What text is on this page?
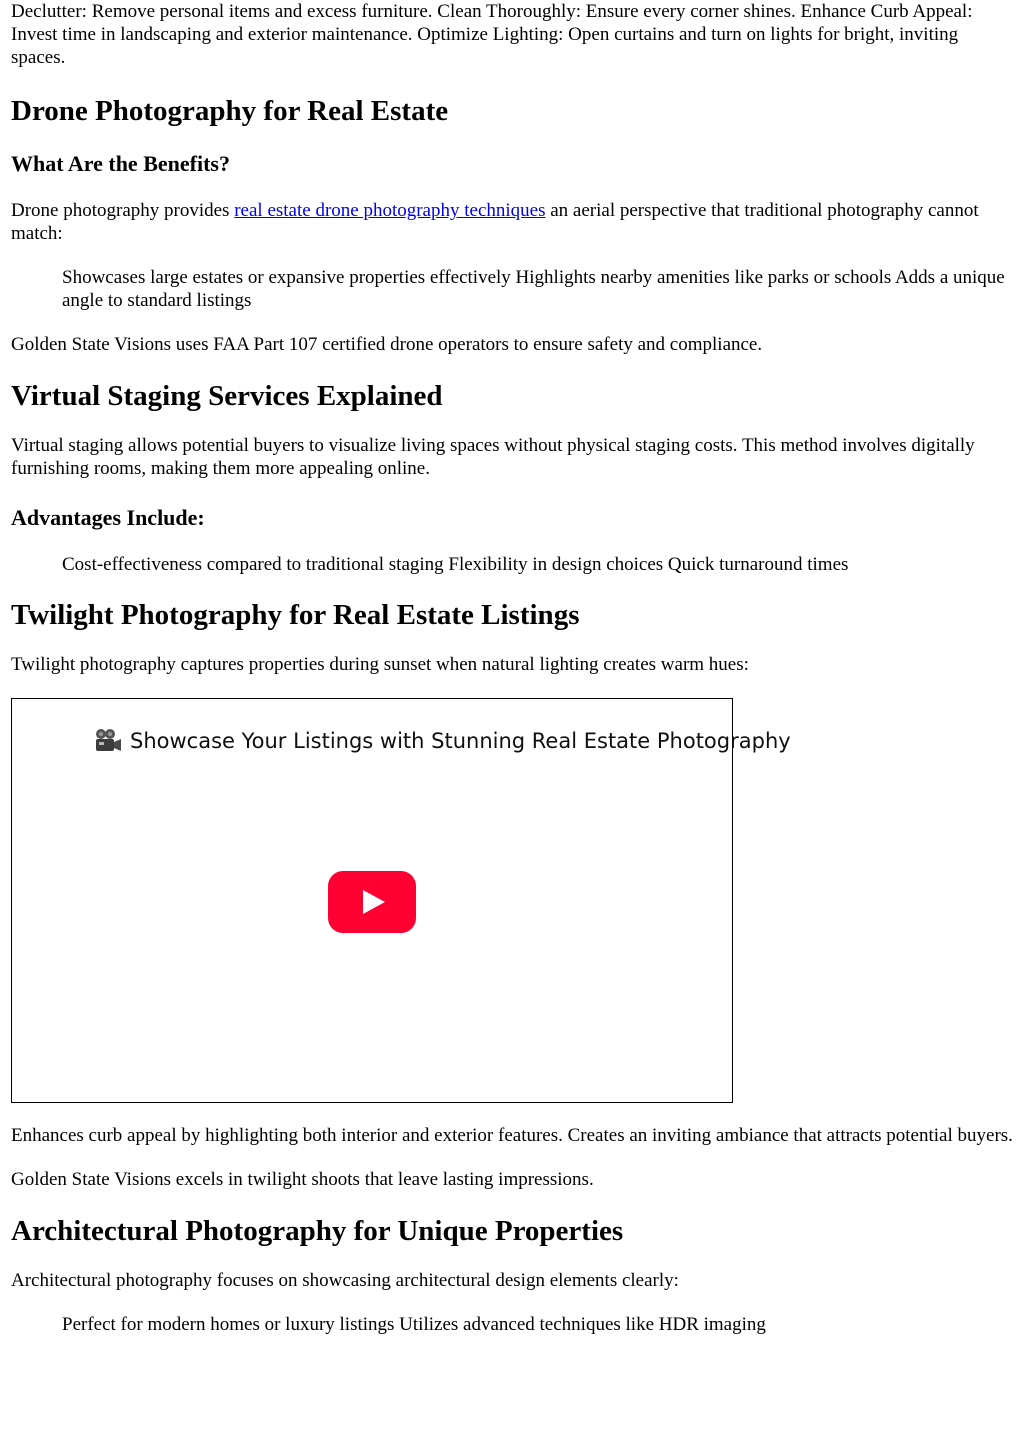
Declutter: Remove personal items and excess furniture. Clean Thoroughly: Ensure every corner shines. Enhance Curb Appeal: Invest time in landscaping and exterior maintenance. Optimize Lighting: Open curtains and turn on lights for bright, inviting spaces.

Drone Photography for Real Estate
What Are the Benefits?

Drone photography provides real estate drone photography techniques an aerial perspective that traditional photography cannot match:

Showcases large estates or expansive properties effectively Highlights nearby amenities like parks or schools Adds a unique angle to standard listings

Golden State Visions uses FAA Part 107 certified drone operators to ensure safety and compliance.

Virtual Staging Services Explained

Virtual staging allows potential buyers to visualize living spaces without physical staging costs. This method involves digitally furnishing rooms, making them more appealing online.

Advantages Include:
Cost-effectiveness compared to traditional staging Flexibility in design choices Quick turnaround times
Twilight Photography for Real Estate Listings

Twilight photography captures properties during sunset when natural lighting creates warm hues:

Showcase Your Listings with Stunning Real Estate Photography

Enhances curb appeal by highlighting both interior and exterior features. Creates an inviting ambiance that attracts potential buyers.

Golden State Visions excels in twilight shoots that leave lasting impressions.

Architectural Photography for Unique Properties

Architectural photography focuses on showcasing architectural design elements clearly:

Perfect for modern homes or luxury listings Utilizes advanced techniques like HDR imaging
